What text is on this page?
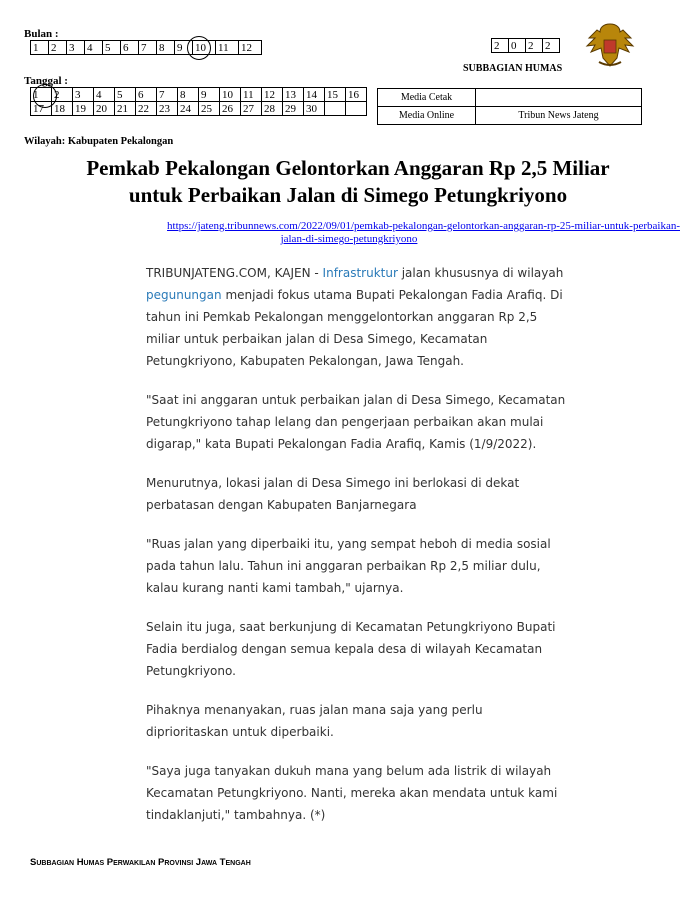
Bulan :
1	2	3	4	5	6	7	8	9	10	11	12	2	0	2	2
SUBBAGIAN HUMAS
Tanggal :
1	2	3	4	5	6	7	8	9	10	11	12	13	14	15	16
17	18	19	20	21	22	23	24	25	26	27	28	29	30		
Media Cetak	
Media Online	Tribun News Jateng
Wilayah: Kabupaten Pekalongan
Pemkab Pekalongan Gelontorkan Anggaran Rp 2,5 Miliar
untuk Perbaikan Jalan di Simego Petungkriyono
https://jateng.tribunnews.com/2022/09/01/pemkab-pekalongan-gelontorkan-anggaran-rp-25-miliar-untuk-perbaikan-
jalan-di-simego-petungkriyono

TRIBUNJATENG.COM, KAJEN - Infrastruktur jalan khususnya di wilayah pegunungan menjadi fokus utama Bupati Pekalongan Fadia Arafiq. Di tahun ini Pemkab Pekalongan menggelontorkan anggaran Rp 2,5 miliar untuk perbaikan jalan di Desa Simego, Kecamatan Petungkriyono, Kabupaten Pekalongan, Jawa Tengah.

"Saat ini anggaran untuk perbaikan jalan di Desa Simego, Kecamatan Petungkriyono tahap lelang dan pengerjaan perbaikan akan mulai digarap," kata Bupati Pekalongan Fadia Arafiq, Kamis (1/9/2022).

Menurutnya, lokasi jalan di Desa Simego ini berlokasi di dekat perbatasan dengan Kabupaten Banjarnegara

"Ruas jalan yang diperbaiki itu, yang sempat heboh di media sosial pada tahun lalu. Tahun ini anggaran perbaikan Rp 2,5 miliar dulu, kalau kurang nanti kami tambah," ujarnya.

Selain itu juga, saat berkunjung di Kecamatan Petungkriyono Bupati Fadia berdialog dengan semua kepala desa di wilayah Kecamatan Petungkriyono.

Pihaknya menanyakan, ruas jalan mana saja yang perlu diprioritaskan untuk diperbaiki.

"Saya juga tanyakan dukuh mana yang belum ada listrik di wilayah Kecamatan Petungkriyono. Nanti, mereka akan mendata untuk kami tindaklanjuti," tambahnya. (*)

Subbagian Humas Perwakilan Provinsi Jawa Tengah
